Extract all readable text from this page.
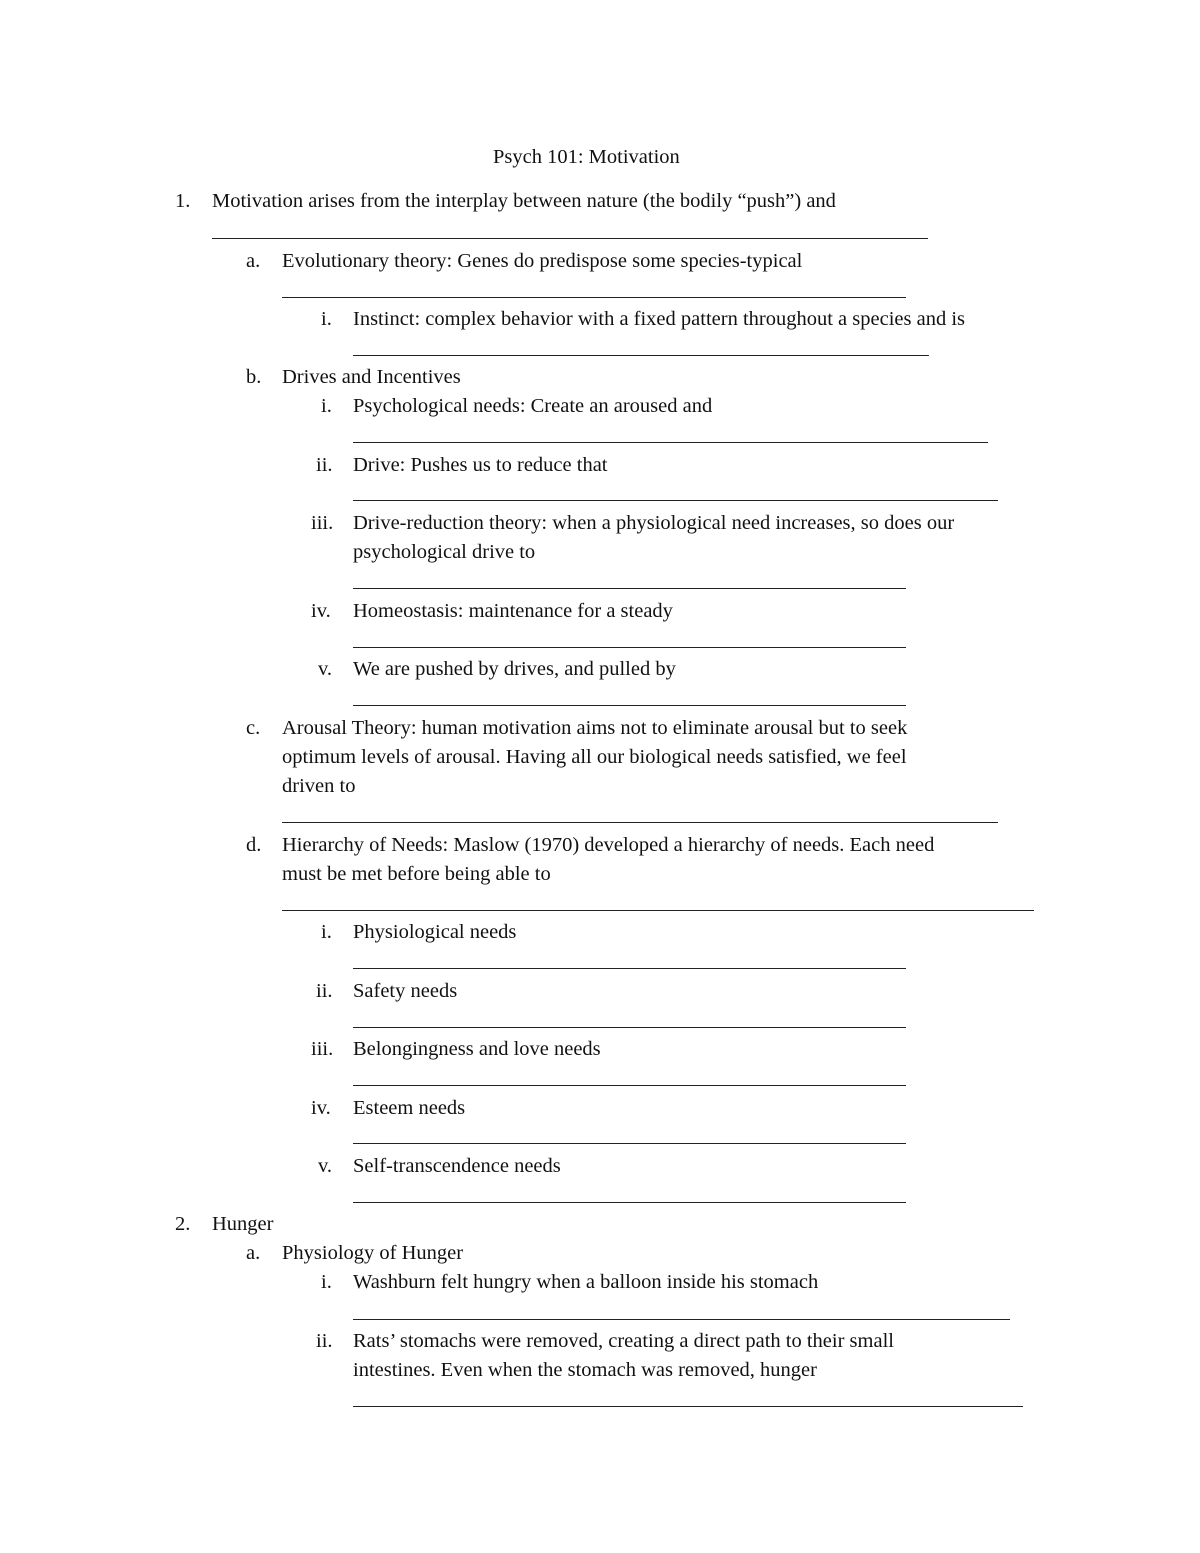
Psych 101: Motivation
1. Motivation arises from the interplay between nature (the bodily “push”) and
a. Evolutionary theory: Genes do predispose some species-typical
i. Instinct: complex behavior with a fixed pattern throughout a species and is
b. Drives and Incentives
i. Psychological needs: Create an aroused and
ii. Drive: Pushes us to reduce that
iii. Drive-reduction theory: when a physiological need increases, so does our
psychological drive to
iv. Homeostasis: maintenance for a steady
v. We are pushed by drives, and pulled by
c. Arousal Theory: human motivation aims not to eliminate arousal but to seek
optimum levels of arousal. Having all our biological needs satisfied, we feel
driven to
d. Hierarchy of Needs: Maslow (1970) developed a hierarchy of needs. Each need
must be met before being able to
i. Physiological needs
ii. Safety needs
iii. Belongingness and love needs
iv. Esteem needs
v. Self-transcendence needs
2. Hunger
a. Physiology of Hunger
i. Washburn felt hungry when a balloon inside his stomach
ii. Rats’ stomachs were removed, creating a direct path to their small
intestines. Even when the stomach was removed, hunger
